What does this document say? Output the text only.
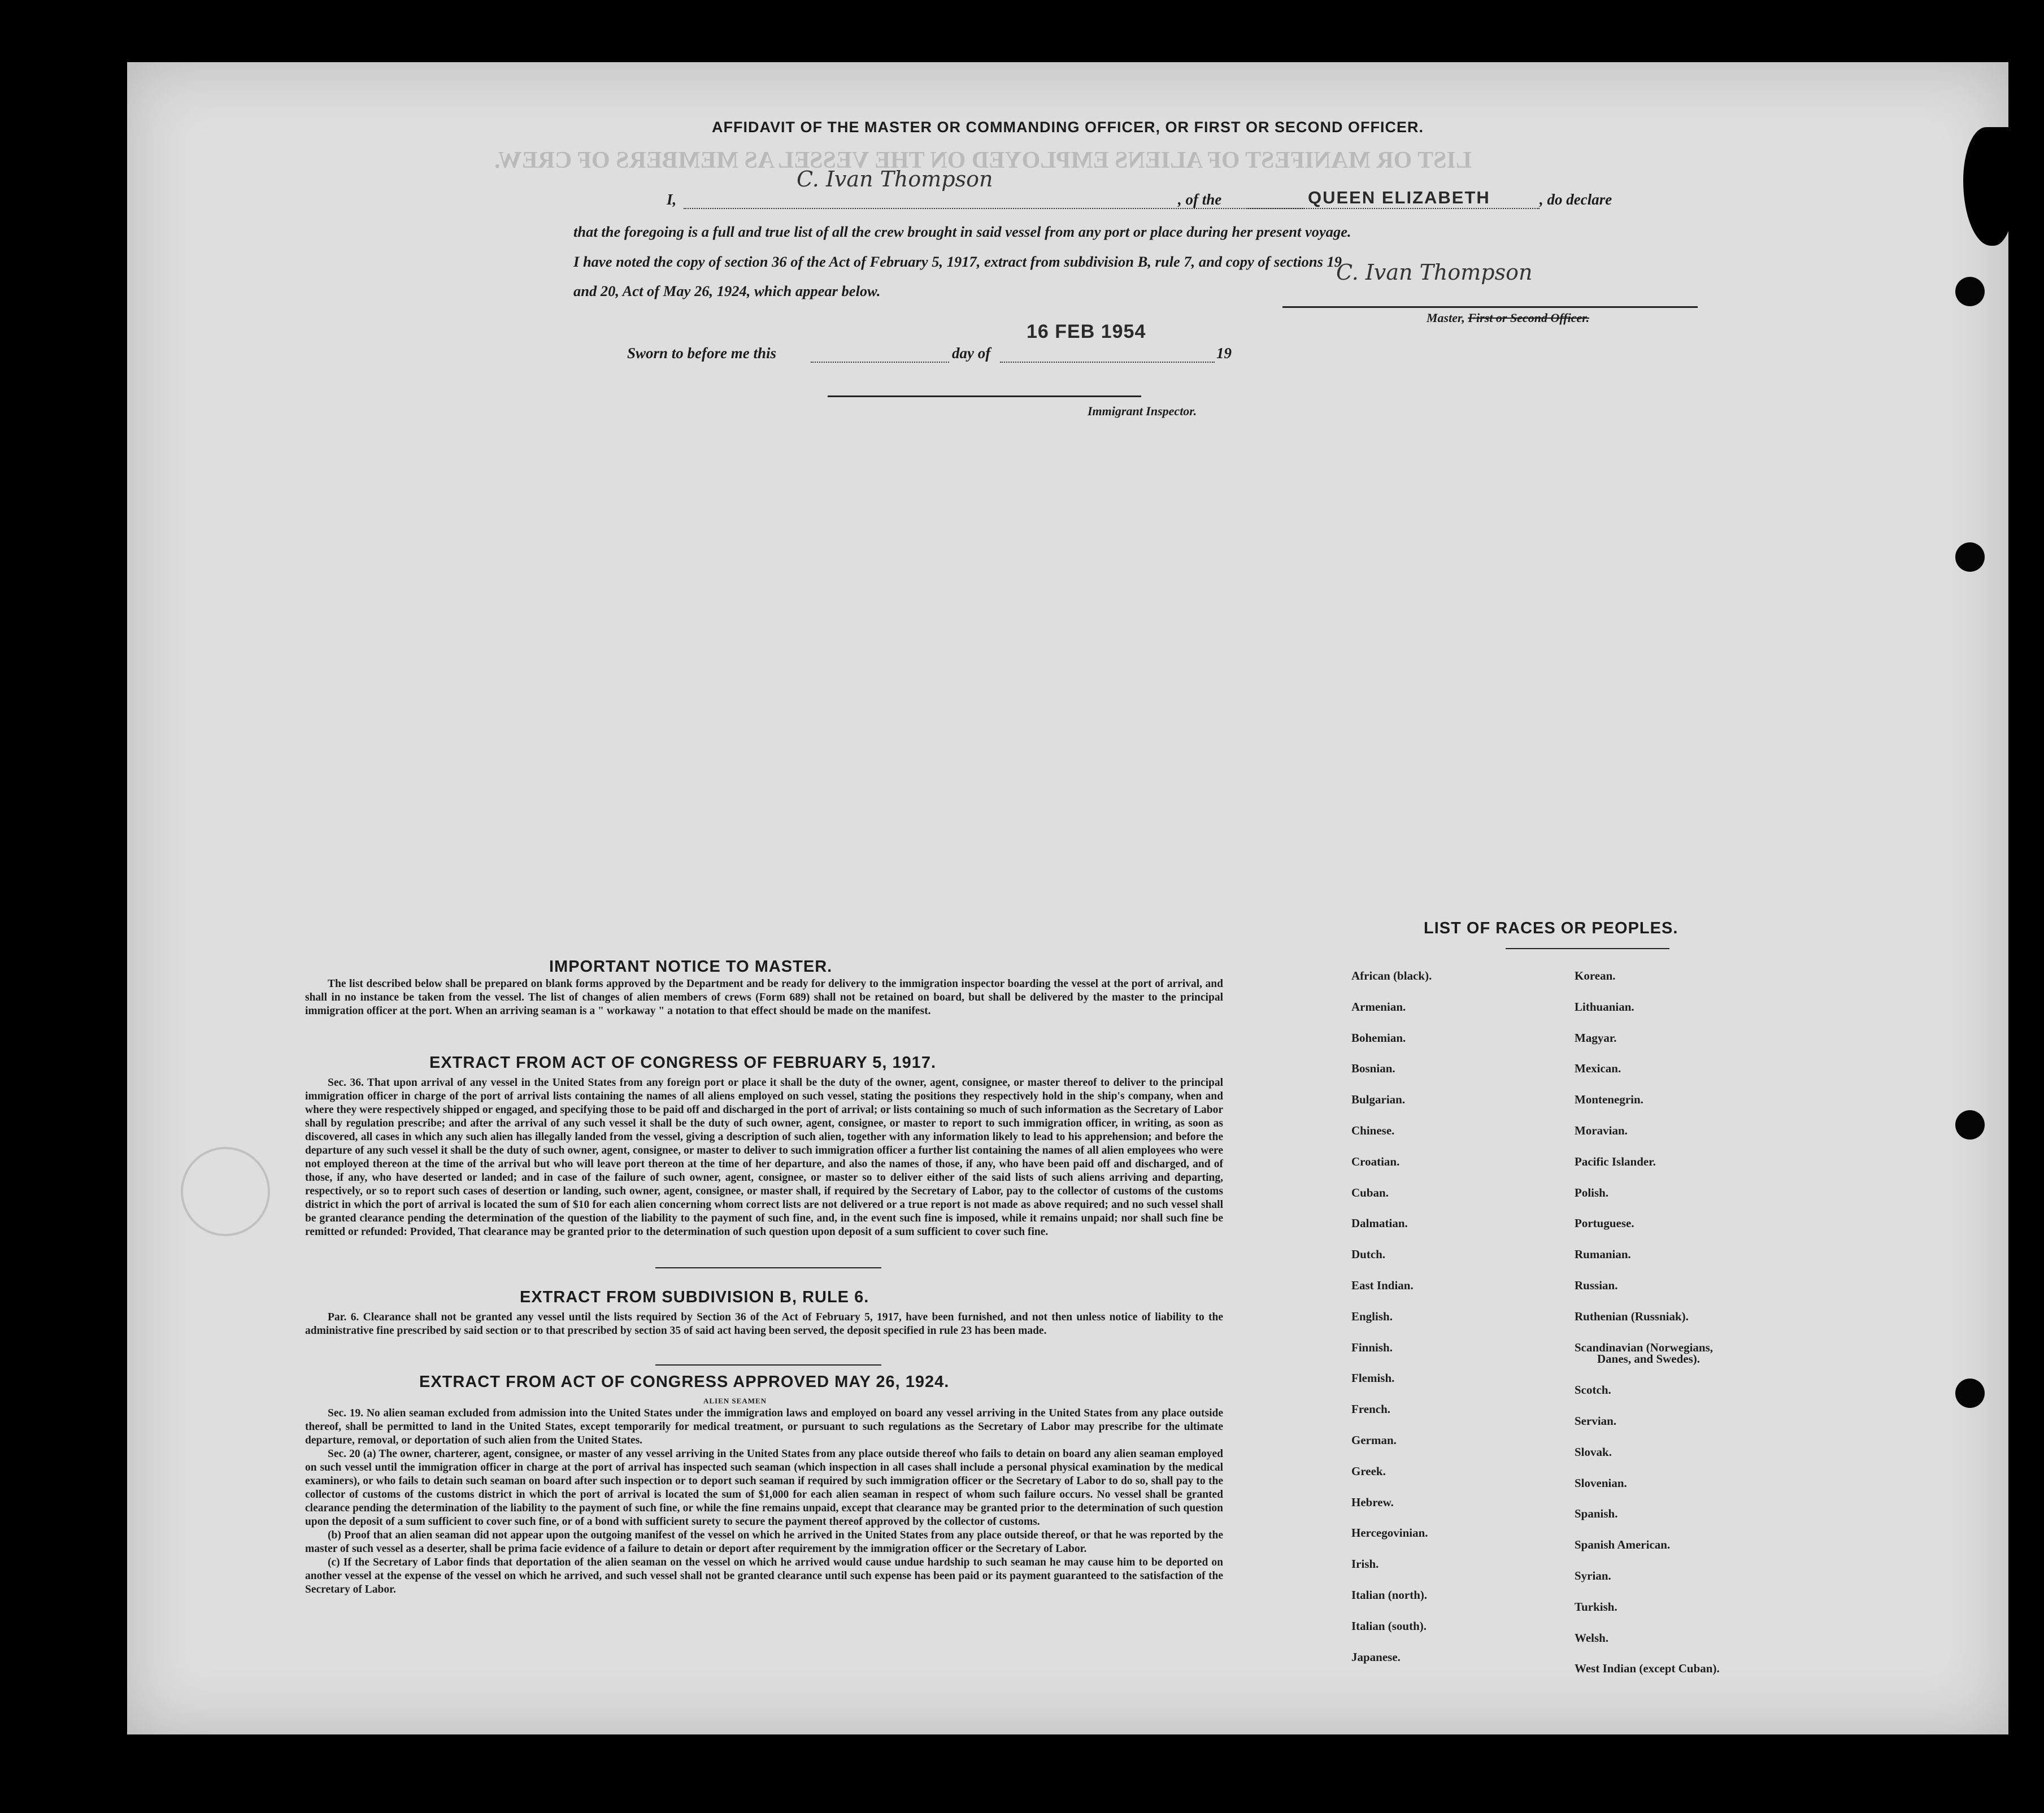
LIST OR MANIFEST OF ALIENS EMPLOYED ON THE VESSEL AS MEMBERS OF CREW.
AFFIDAVIT OF THE MASTER OR COMMANDING OFFICER, OR FIRST OR SECOND OFFICER.
I,
C. Ivan Thompson
, of the	QUEEN ELIZABETH	, do declare
that the foregoing is a full and true list of all the crew brought in said vessel from any port or place during her present voyage.
I have noted the copy of section 36 of the Act of February 5, 1917, extract from subdivision B, rule 7, and copy of sections 19
and 20, Act of May 26, 1924, which appear below.
C. Ivan Thompson
Master, First or Second Officer.
Sworn to before me this	day of
16 FEB 1954
19
Immigrant Inspector.
IMPORTANT NOTICE TO MASTER.

The list described below shall be prepared on blank forms approved by the Department and be ready for delivery to the immigration inspector boarding the vessel at the port of arrival, and shall in no instance be taken from the vessel. The list of changes of alien members of crews (Form 689) shall not be retained on board, but shall be delivered by the master to the principal immigration officer at the port. When an arriving seaman is a " workaway " a notation to that effect should be made on the manifest.

EXTRACT FROM ACT OF CONGRESS OF FEBRUARY 5, 1917.

Sec. 36. That upon arrival of any vessel in the United States from any foreign port or place it shall be the duty of the owner, agent, consignee, or master thereof to deliver to the principal immigration officer in charge of the port of arrival lists containing the names of all aliens employed on such vessel, stating the positions they respectively hold in the ship's company, when and where they were respectively shipped or engaged, and specifying those to be paid off and discharged in the port of arrival; or lists containing so much of such information as the Secretary of Labor shall by regulation prescribe; and after the arrival of any such vessel it shall be the duty of such owner, agent, consignee, or master to report to such immigration officer, in writing, as soon as discovered, all cases in which any such alien has illegally landed from the vessel, giving a description of such alien, together with any information likely to lead to his apprehension; and before the departure of any such vessel it shall be the duty of such owner, agent, consignee, or master to deliver to such immigration officer a further list containing the names of all alien employees who were not employed thereon at the time of the arrival but who will leave port thereon at the time of her departure, and also the names of those, if any, who have been paid off and discharged, and of those, if any, who have deserted or landed; and in case of the failure of such owner, agent, consignee, or master so to deliver either of the said lists of such aliens arriving and departing, respectively, or so to report such cases of desertion or landing, such owner, agent, consignee, or master shall, if required by the Secretary of Labor, pay to the collector of customs of the customs district in which the port of arrival is located the sum of $10 for each alien concerning whom correct lists are not delivered or a true report is not made as above required; and no such vessel shall be granted clearance pending the determination of the question of the liability to the payment of such fine, and, in the event such fine is imposed, while it remains unpaid; nor shall such fine be remitted or refunded: Provided, That clearance may be granted prior to the determination of such question upon deposit of a sum sufficient to cover such fine.

EXTRACT FROM SUBDIVISION B, RULE 6.

Par. 6. Clearance shall not be granted any vessel until the lists required by Section 36 of the Act of February 5, 1917, have been furnished, and not then unless notice of liability to the administrative fine prescribed by said section or to that prescribed by section 35 of said act having been served, the deposit specified in rule 23 has been made.

EXTRACT FROM ACT OF CONGRESS APPROVED MAY 26, 1924.
ALIEN SEAMEN

Sec. 19. No alien seaman excluded from admission into the United States under the immigration laws and employed on board any vessel arriving in the United States from any place outside thereof, shall be permitted to land in the United States, except temporarily for medical treatment, or pursuant to such regulations as the Secretary of Labor may prescribe for the ultimate departure, removal, or deportation of such alien from the United States.

Sec. 20 (a) The owner, charterer, agent, consignee, or master of any vessel arriving in the United States from any place outside thereof who fails to detain on board any alien seaman employed on such vessel until the immigration officer in charge at the port of arrival has inspected such seaman (which inspection in all cases shall include a personal physical examination by the medical examiners), or who fails to detain such seaman on board after such inspection or to deport such seaman if required by such immigration officer or the Secretary of Labor to do so, shall pay to the collector of customs of the customs district in which the port of arrival is located the sum of $1,000 for each alien seaman in respect of whom such failure occurs. No vessel shall be granted clearance pending the determination of the liability to the payment of such fine, or while the fine remains unpaid, except that clearance may be granted prior to the determination of such question upon the deposit of a sum sufficient to cover such fine, or of a bond with sufficient surety to secure the payment thereof approved by the collector of customs.

(b) Proof that an alien seaman did not appear upon the outgoing manifest of the vessel on which he arrived in the United States from any place outside thereof, or that he was reported by the master of such vessel as a deserter, shall be prima facie evidence of a failure to detain or deport after requirement by the immigration officer or the Secretary of Labor.

(c) If the Secretary of Labor finds that deportation of the alien seaman on the vessel on which he arrived would cause undue hardship to such seaman he may cause him to be deported on another vessel at the expense of the vessel on which he arrived, and such vessel shall not be granted clearance until such expense has been paid or its payment guaranteed to the satisfaction of the Secretary of Labor.

LIST OF RACES OR PEOPLES.
African (black).
Armenian.
Bohemian.
Bosnian.
Bulgarian.
Chinese.
Croatian.
Cuban.
Dalmatian.
Dutch.
East Indian.
English.
Finnish.
Flemish.
French.
German.
Greek.
Hebrew.
Hercegovinian.
Irish.
Italian (north).
Italian (south).
Japanese.
Korean.
Lithuanian.
Magyar.
Mexican.
Montenegrin.
Moravian.
Pacific Islander.
Polish.
Portuguese.
Rumanian.
Russian.
Ruthenian (Russniak).
Scandinavian (Norwegians,
Danes, and Swedes).
Scotch.
Servian.
Slovak.
Slovenian.
Spanish.
Spanish American.
Syrian.
Turkish.
Welsh.
West Indian (except Cuban).
